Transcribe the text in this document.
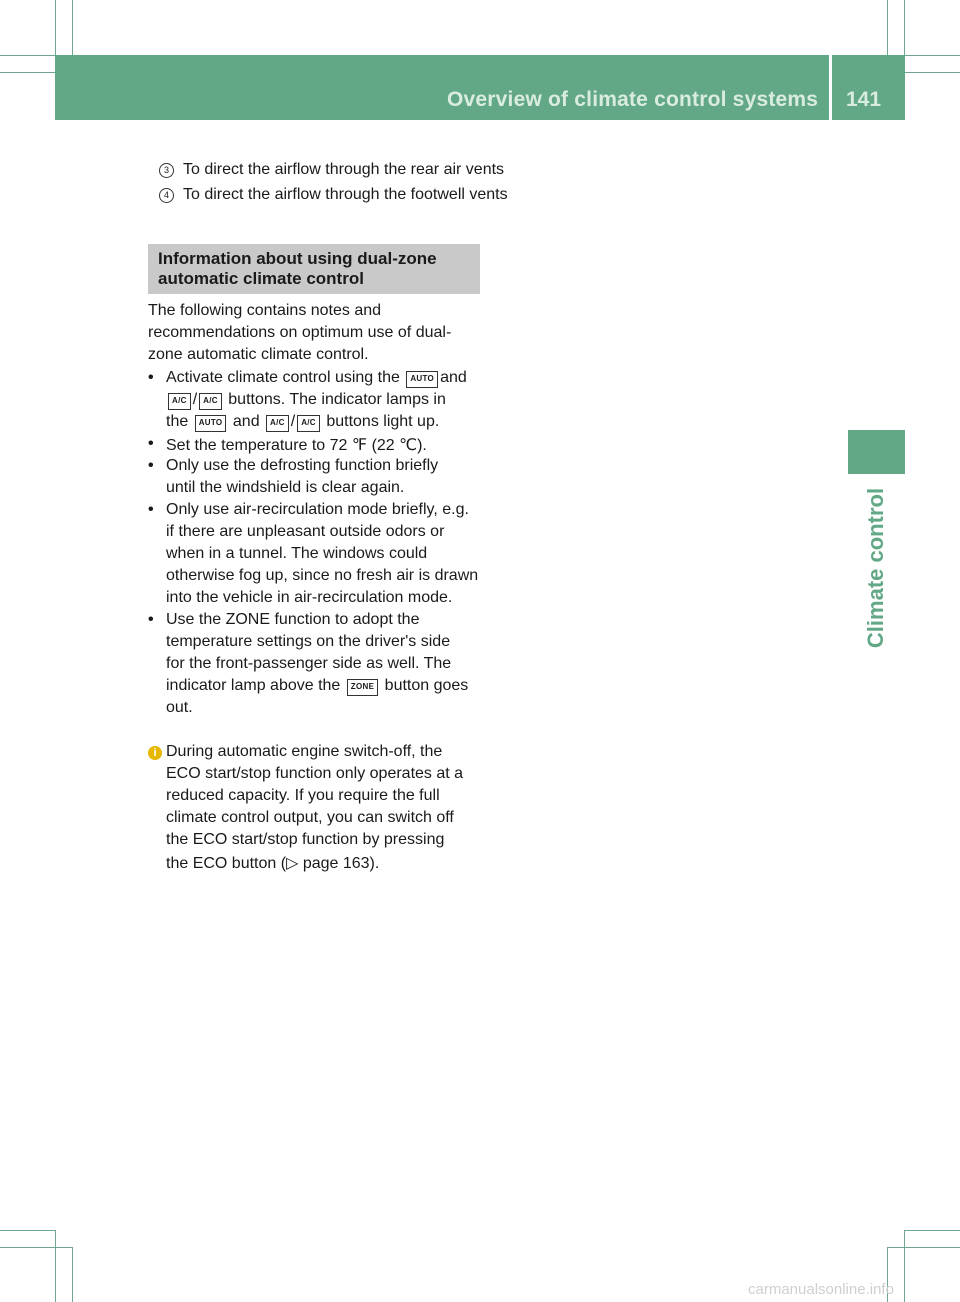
Overview of climate control systems	141
Climate control
3 To direct the airflow through the rear air vents
4 To direct the airflow through the footwell vents
Information about using dual-zone
automatic climate control
The following contains notes and
recommendations on optimum use of dual-
zone automatic climate control.
• Activate climate control using the AUTO and
A/C / A/C buttons. The indicator lamps in
the AUTO and A/C / A/C buttons light up.
• Set the temperature to 72 ℉ (22 ℃).
• Only use the defrosting function briefly
until the windshield is clear again.
• Only use air-recirculation mode briefly, e.g.
if there are unpleasant outside odors or
when in a tunnel. The windows could
otherwise fog up, since no fresh air is drawn
into the vehicle in air-recirculation mode.
• Use the ZONE function to adopt the
temperature settings on the driver's side
for the front-passenger side as well. The
indicator lamp above the ZONE button goes
out.
i During automatic engine switch-off, the
ECO start/stop function only operates at a
reduced capacity. If you require the full
climate control output, you can switch off
the ECO start/stop function by pressing
the ECO button (▷ page 163).
carmanualsonline.info
